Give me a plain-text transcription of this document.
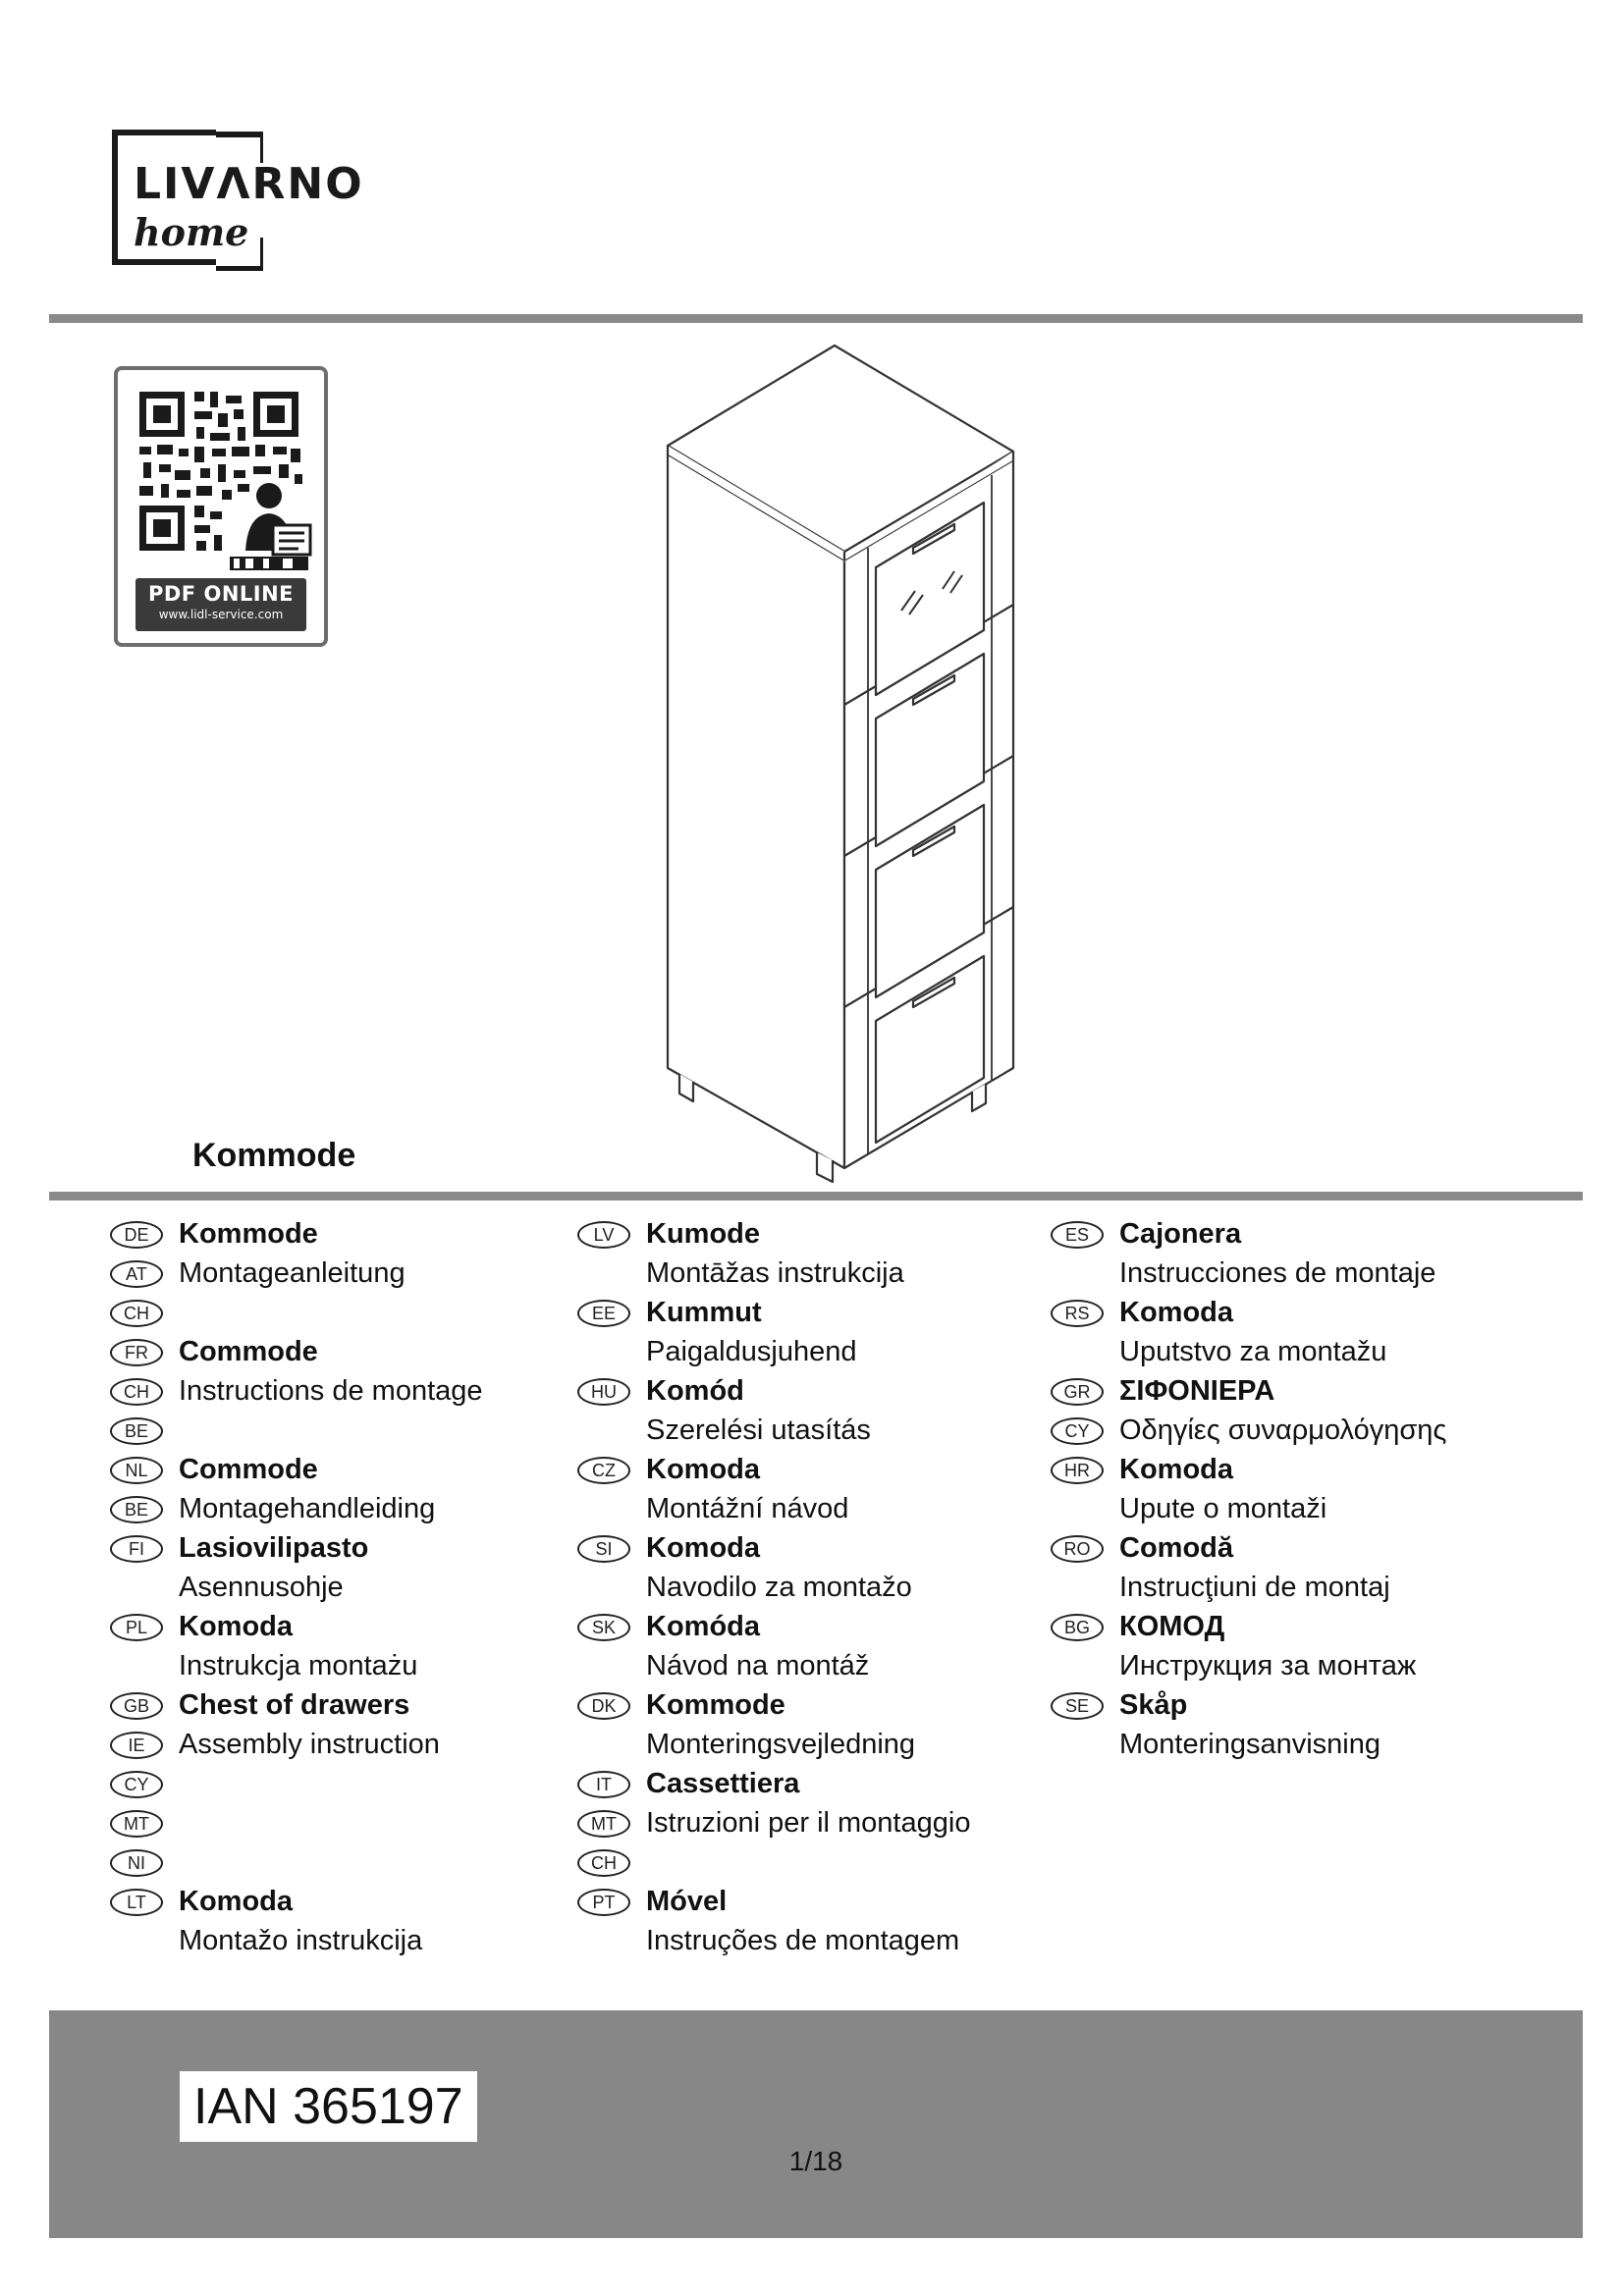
LIVΛRNO
home
PDF ONLINE
www.lidl-service.com
Kommode
DE	Kommode
AT	Montageanleitung
CH
FR	Commode
CH	Instructions de montage
BE
NL	Commode
BE	Montagehandleiding
FI	Lasiovilipasto
Asennusohje
PL	Komoda
Instrukcja montażu
GB	Chest of drawers
IE	Assembly instruction
CY
MT
NI
LT	Komoda
Montažo instrukcija
LV	Kumode
Montāžas instrukcija
EE	Kummut
Paigaldusjuhend
HU	Komód
Szerelési utasítás
CZ	Komoda
Montážní návod
SI	Komoda
Navodilo za montažo
SK	Komóda
Návod na montáž
DK	Kommode
Monteringsvejledning
IT	Cassettiera
MT	Istruzioni per il montaggio
CH
PT	Móvel
Instruções de montagem
ES	Cajonera
Instrucciones de montaje
RS	Komoda
Uputstvo za montažu
GR	ΣΙΦΟΝΙΕΡΑ
CY	Οδηγίες συναρμολόγησης
HR	Komoda
Upute o montaži
RO	Comodă
Instrucţiuni de montaj
BG	КОМОД
Инструкция за монтаж
SE	Skåp
Monteringsanvisning
IAN 365197
1/18
